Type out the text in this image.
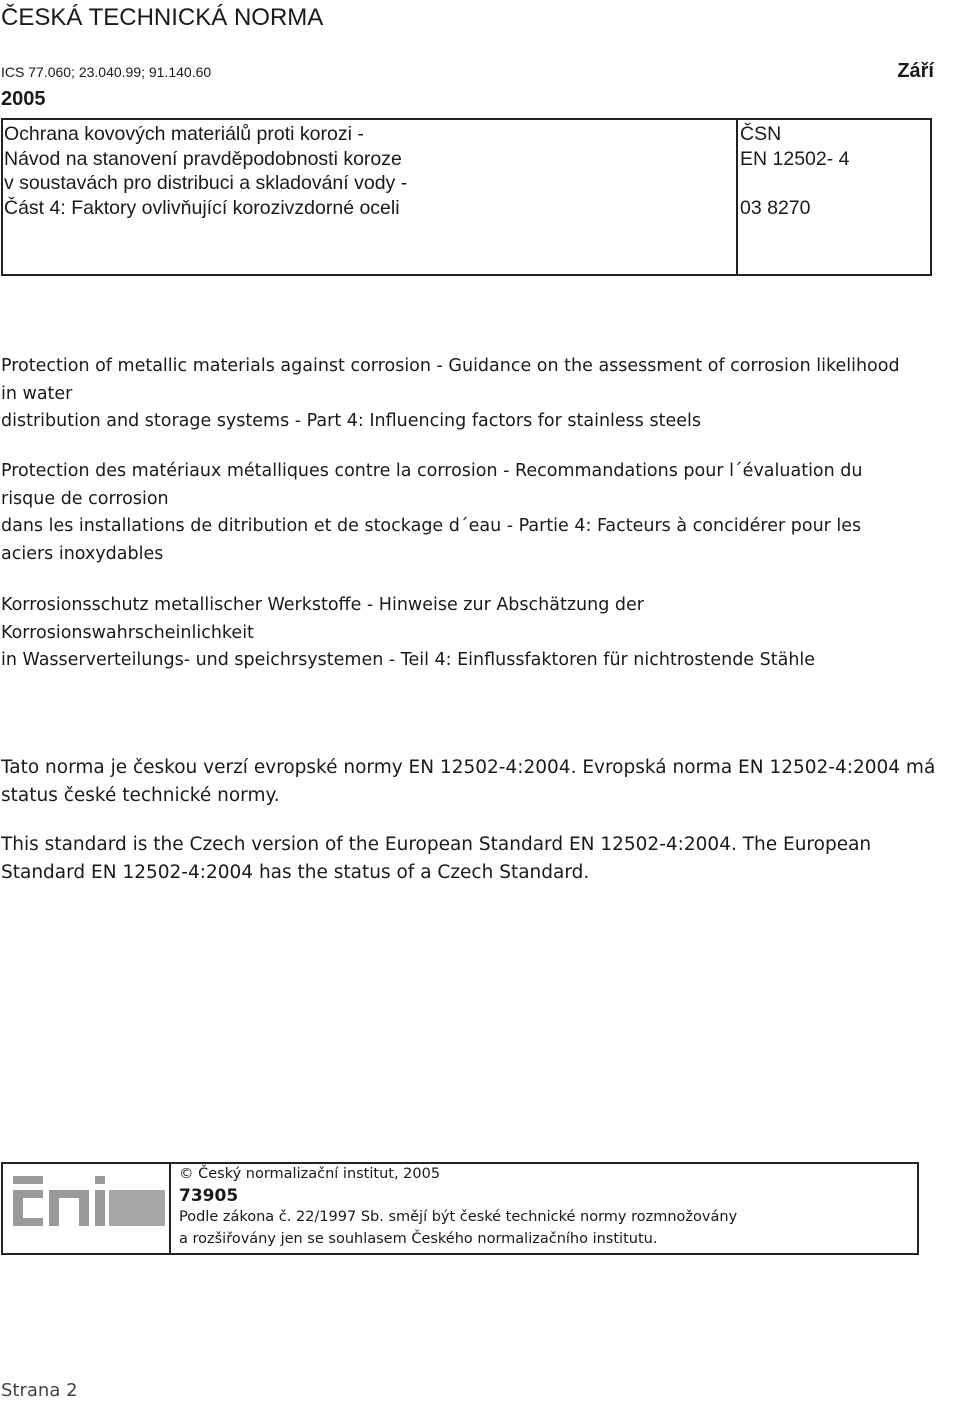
ČESKÁ TECHNICKÁ NORMA
ICS 77.060; 23.040.99; 91.140.60	Září
2005
Ochrana kovových materiálů proti korozi -
Návod na stanovení pravděpodobnosti koroze
v soustavách pro distribuci a skladování vody -
Část 4: Faktory ovlivňující korozivzdorné oceli
ČSN
EN 12502- 4
03 8270
Protection of metallic materials against corrosion - Guidance on the assessment of corrosion likelihood
in water
distribution and storage systems - Part 4: Influencing factors for stainless steels
Protection des matériaux métalliques contre la corrosion - Recommandations pour l´évaluation du
risque de corrosion
dans les installations de ditribution et de stockage d´eau - Partie 4: Facteurs à concidérer pour les
aciers inoxydables
Korrosionsschutz metallischer Werkstoffe - Hinweise zur Abschätzung der
Korrosionswahrscheinlichkeit
in Wasserverteilungs- und speichrsystemen - Teil 4: Einflussfaktoren für nichtrostende Stähle
Tato norma je českou verzí evropské normy EN 12502-4:2004. Evropská norma EN 12502-4:2004 má
status české technické normy.
This standard is the Czech version of the European Standard EN 12502-4:2004. The European
Standard EN 12502-4:2004 has the status of a Czech Standard.
© Český normalizační institut, 2005
73905
Podle zákona č. 22/1997 Sb. smějí být české technické normy rozmnožovány
a rozšiřovány jen se souhlasem Českého normalizačního institutu.
Strana 2
